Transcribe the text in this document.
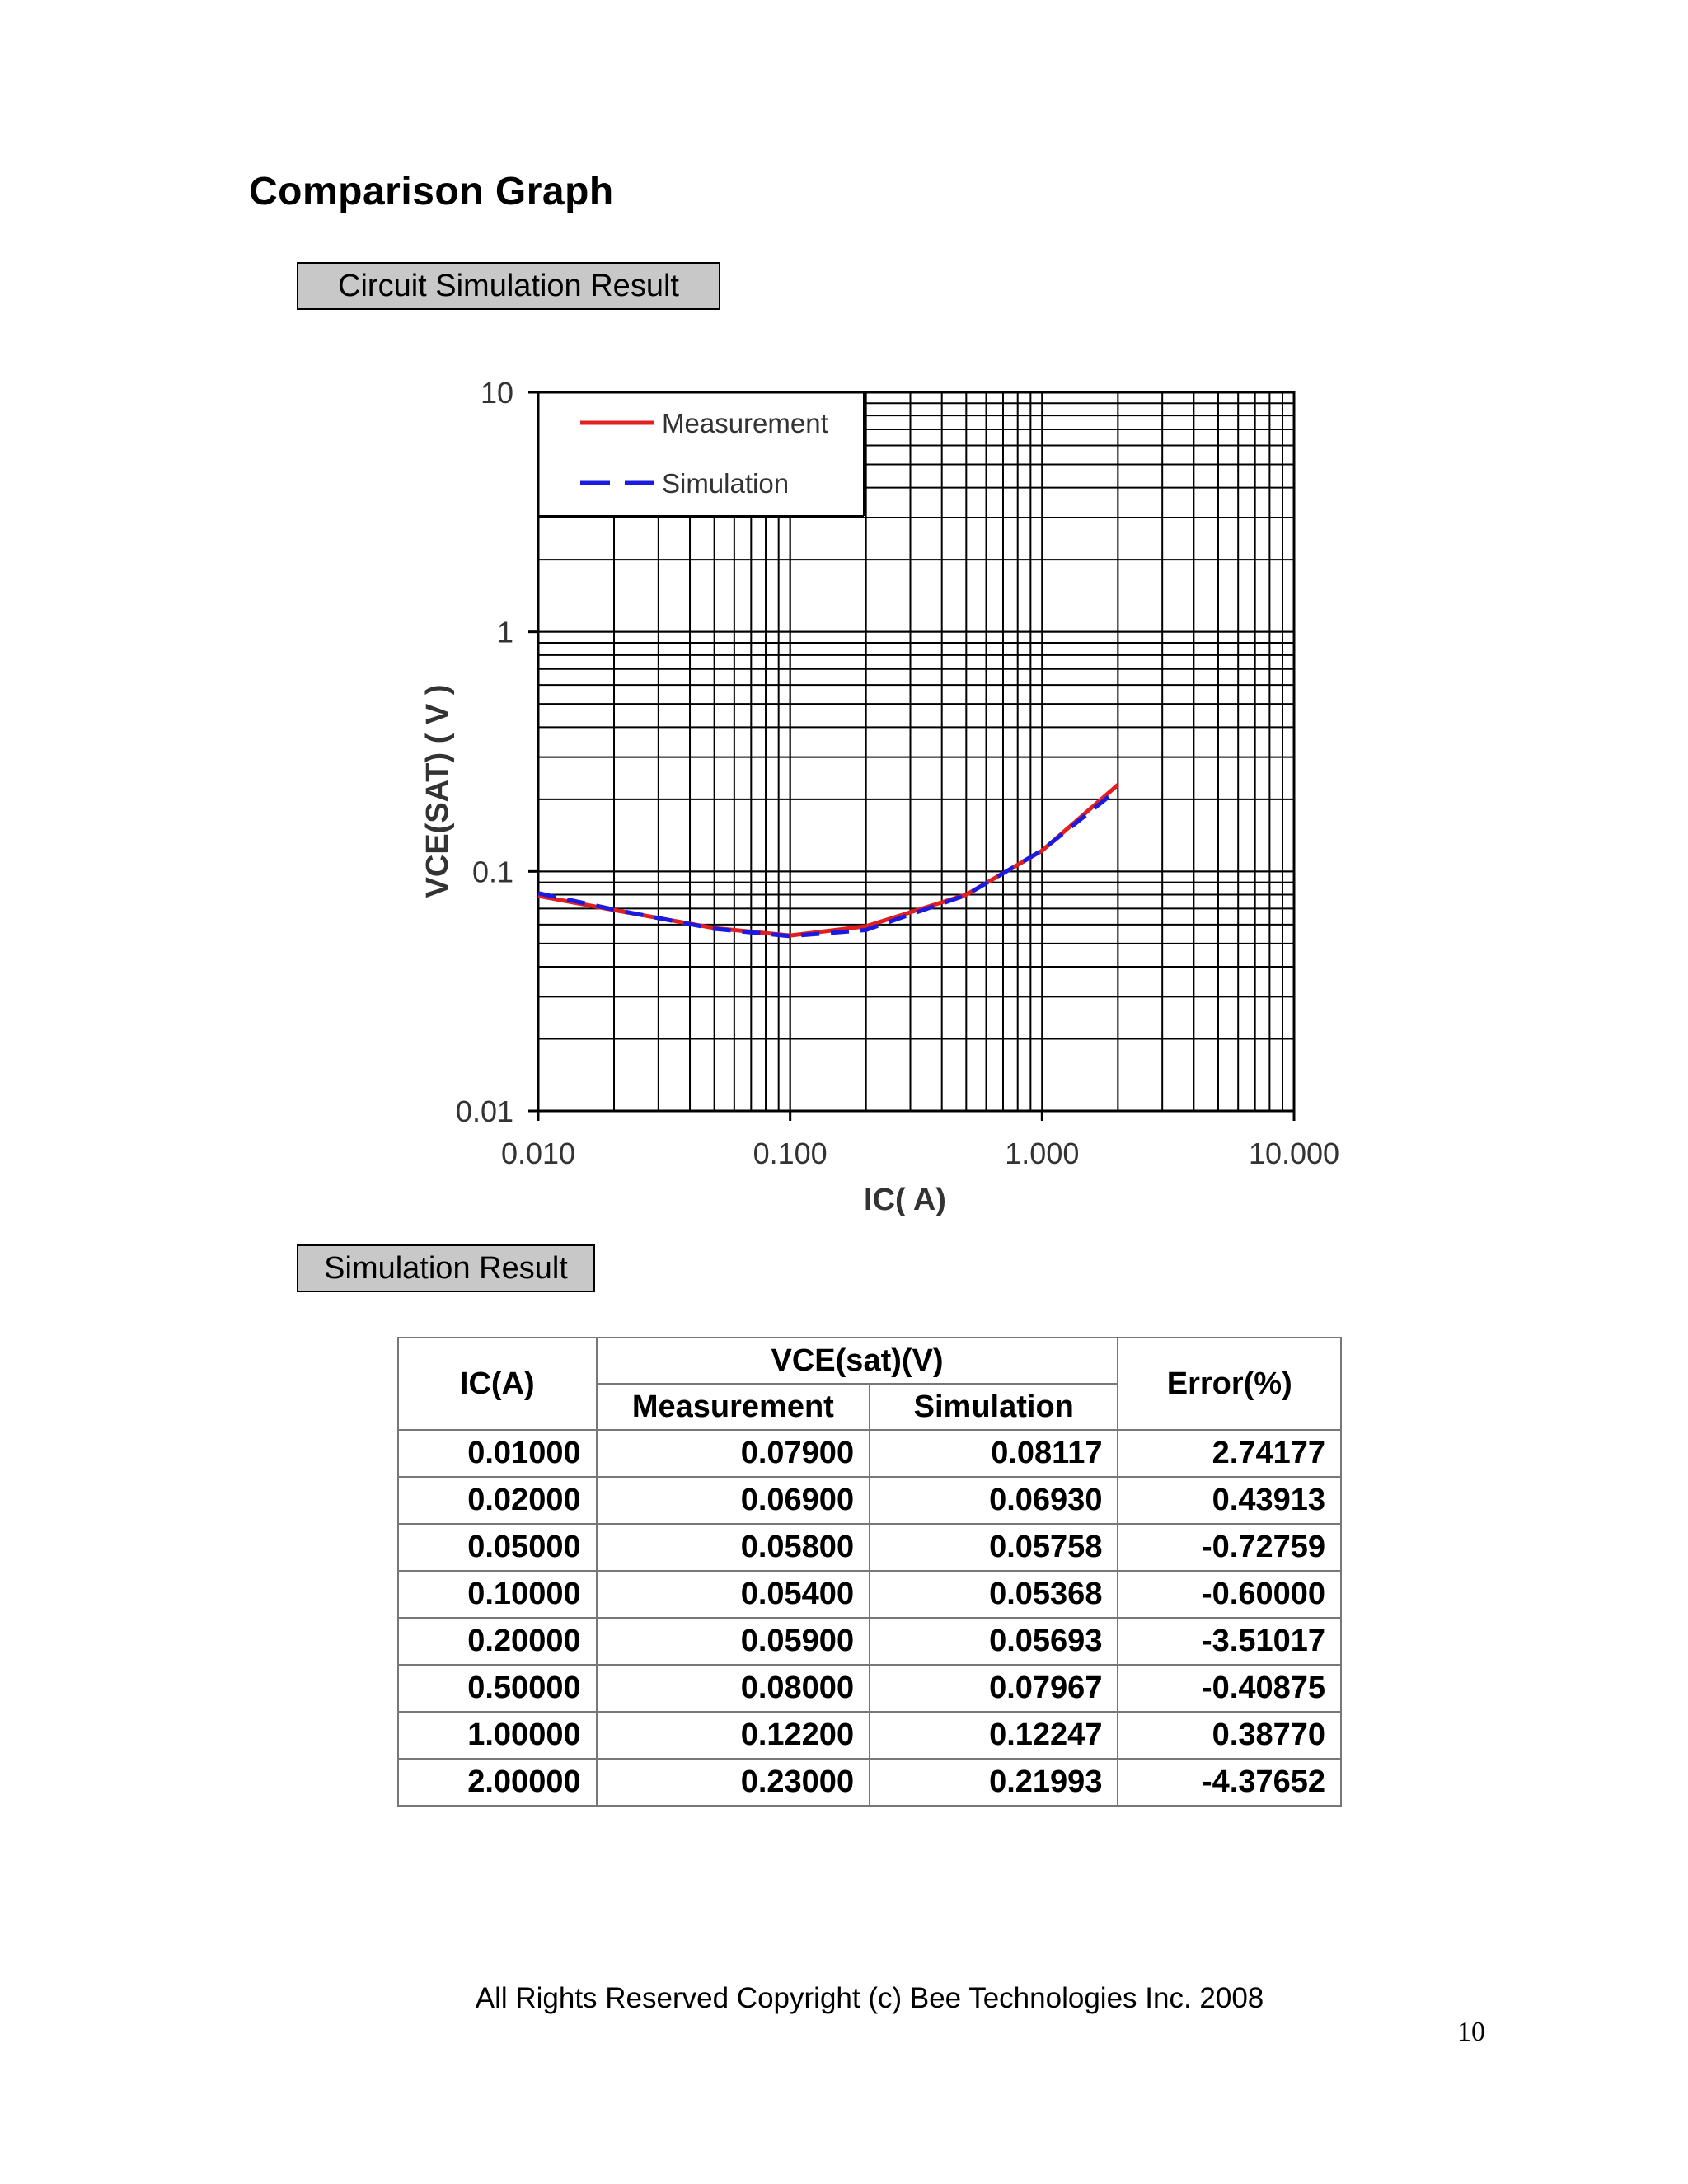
Comparison Graph
Circuit Simulation Result
Measurement
Simulation
0.010	0.100	1.000	10.000
0.01
0.1
1
10
IC( A)
VCE(SAT) ( V )
Simulation Result
IC(A)	VCE(sat)(V)		Error(%)
	Measurement	Simulation	
0.01000	0.07900	0.08117	2.74177
0.02000	0.06900	0.06930	0.43913
0.05000	0.05800	0.05758	-0.72759
0.10000	0.05400	0.05368	-0.60000
0.20000	0.05900	0.05693	-3.51017
0.50000	0.08000	0.07967	-0.40875
1.00000	0.12200	0.12247	0.38770
2.00000	0.23000	0.21993	-4.37652
All Rights Reserved Copyright (c) Bee Technologies Inc. 2008
10
